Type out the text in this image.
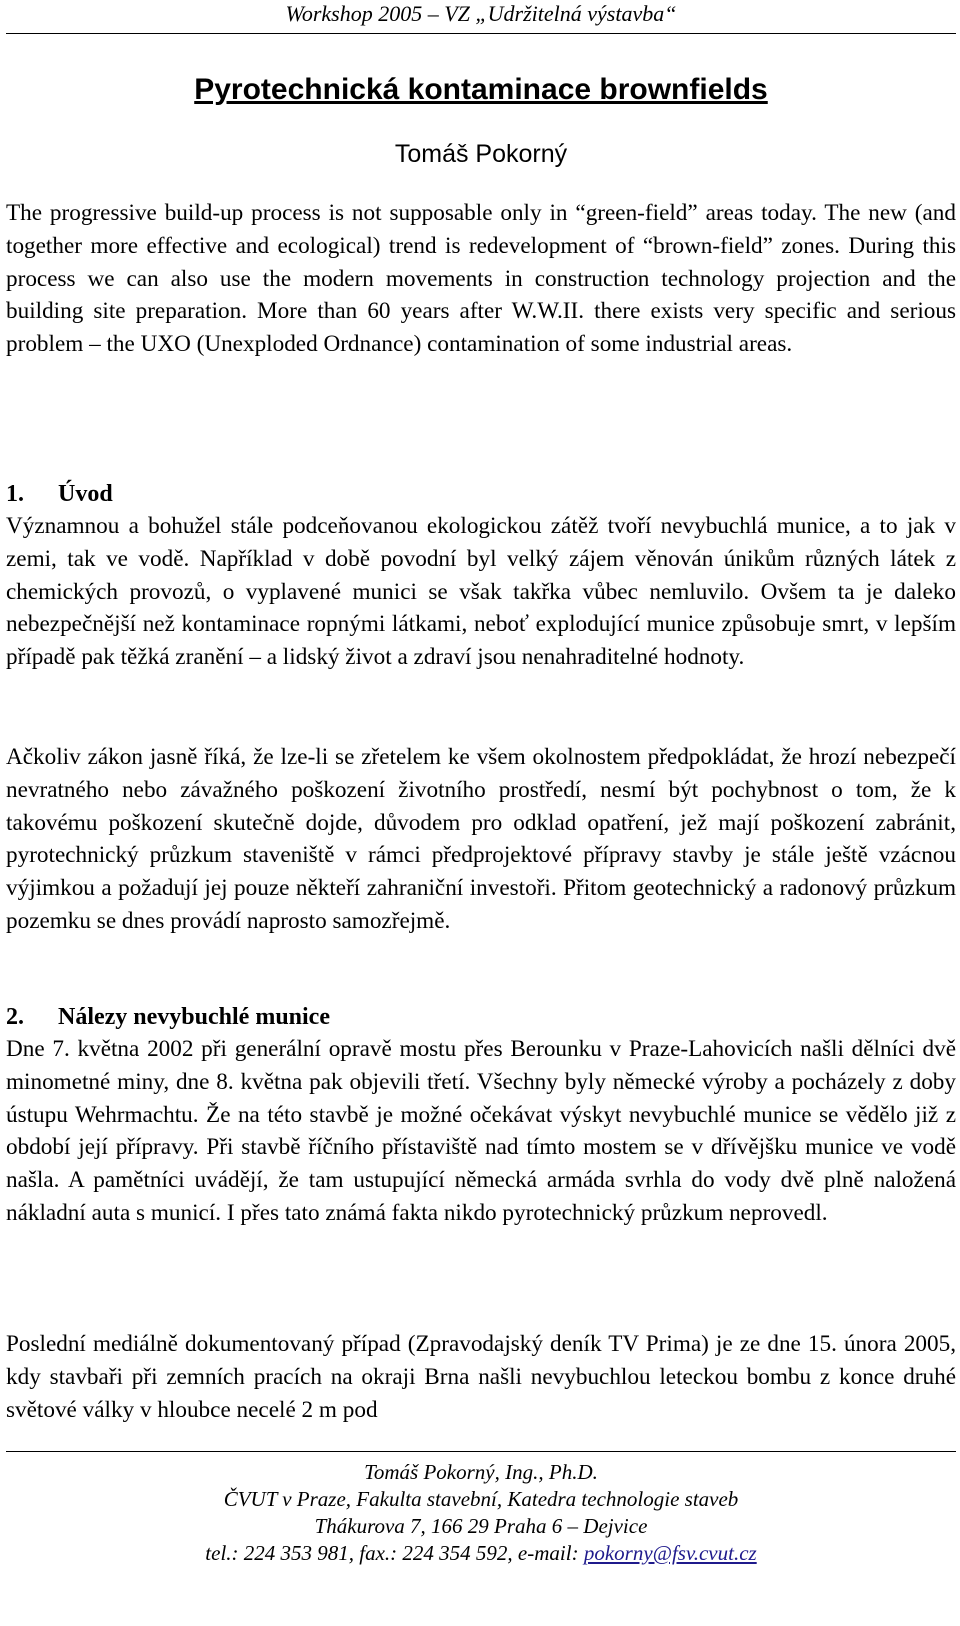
Workshop 2005 – VZ „Udržitelná výstavba“
Pyrotechnická kontaminace brownfields
Tomáš Pokorný

The progressive build-up process is not supposable only in “green-field” areas today. The new (and together more effective and ecological) trend is redevelopment of “brown-field” zones. During this process we can also use the modern movements in construction technology projection and the building site preparation. More than 60 years after W.W.II. there exists very specific and serious problem – the UXO (Unexploded Ordnance) contamination of some industrial areas.

1. Úvod

Významnou a bohužel stále podceňovanou ekologickou zátěž tvoří nevybuchlá munice, a to jak v zemi, tak ve vodě. Například v době povodní byl velký zájem věnován únikům různých látek z chemických provozů, o vyplavené munici se však takřka vůbec nemluvilo. Ovšem ta je daleko nebezpečnější než kontaminace ropnými látkami, neboť explodující munice způsobuje smrt, v lepším případě pak těžká zranění – a lidský život a zdraví jsou nenahraditelné hodnoty.

Ačkoliv zákon jasně říká, že lze-li se zřetelem ke všem okolnostem předpokládat, že hrozí nebezpečí nevratného nebo závažného poškození životního prostředí, nesmí být pochybnost o tom, že k takovému poškození skutečně dojde, důvodem pro odklad opatření, jež mají poškození zabránit, pyrotechnický průzkum staveniště v rámci předprojektové přípravy stavby je stále ještě vzácnou výjimkou a požadují jej pouze někteří zahraniční investoři. Přitom geotechnický a radonový průzkum pozemku se dnes provádí naprosto samozřejmě.

2. Nálezy nevybuchlé munice

Dne 7. května 2002 při generální opravě mostu přes Berounku v Praze-Lahovicích našli dělníci dvě minometné miny, dne 8. května pak objevili třetí. Všechny byly německé výroby a pocházely z doby ústupu Wehrmachtu. Že na této stavbě je možné očekávat výskyt nevybuchlé munice se vědělo již z období její přípravy. Při stavbě říčního přístaviště nad tímto mostem se v dřívějšku munice ve vodě našla. A pamětníci uvádějí, že tam ustupující německá armáda svrhla do vody dvě plně naložená nákladní auta s municí. I přes tato známá fakta nikdo pyrotechnický průzkum neprovedl.

Poslední mediálně dokumentovaný případ (Zpravodajský deník TV Prima) je ze dne 15. února 2005, kdy stavbaři při zemních pracích na okraji Brna našli nevybuchlou leteckou bombu z konce druhé světové války v hloubce necelé 2 m pod

Tomáš Pokorný, Ing., Ph.D.
ČVUT v Praze, Fakulta stavební, Katedra technologie staveb
Thákurova 7, 166 29 Praha 6 – Dejvice
tel.: 224 353 981, fax.: 224 354 592, e-mail: pokorny@fsv.cvut.cz
